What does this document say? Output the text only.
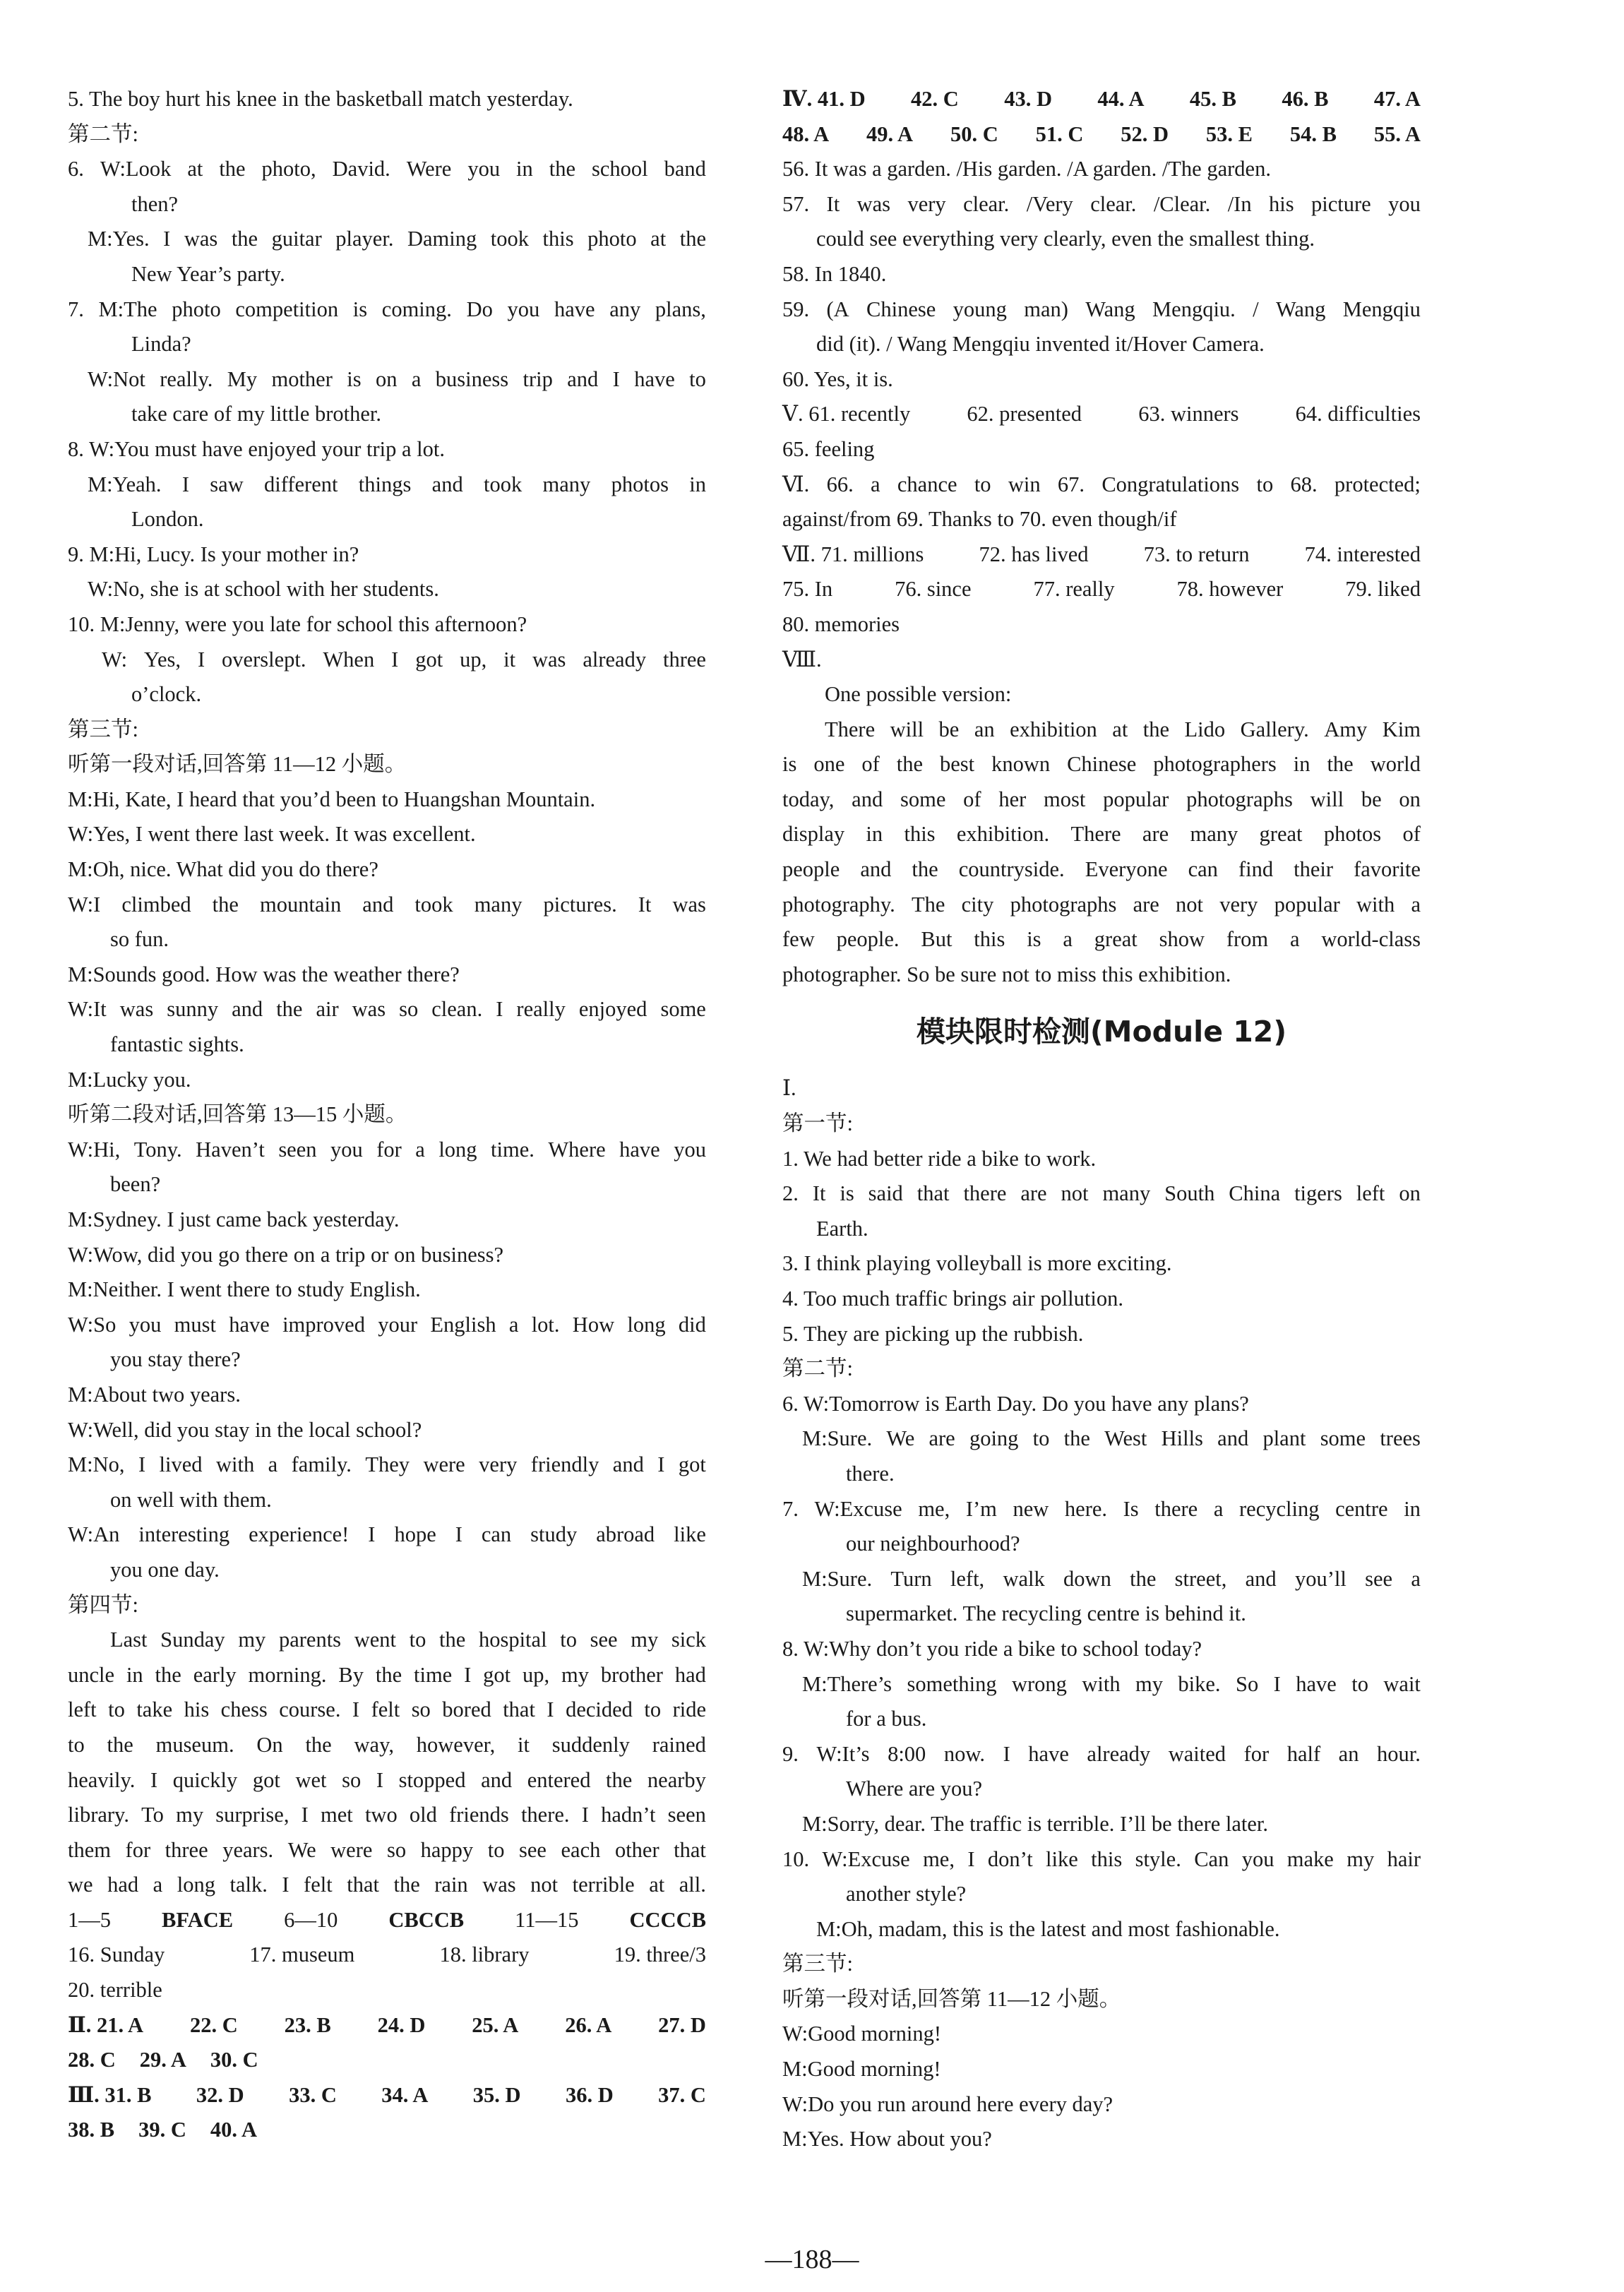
5. The boy hurt his knee in the basketball match yesterday.
第二节:
6. W:Look at the photo, David. Were you in the school band
then?
M:Yes. I was the guitar player. Daming took this photo at the
New Year’s party.
7. M:The photo competition is coming. Do you have any plans,
Linda?
W:Not really. My mother is on a business trip and I have to
take care of my little brother.
8. W:You must have enjoyed your trip a lot.
M:Yeah. I saw different things and took many photos in
London.
9. M:Hi, Lucy. Is your mother in?
W:No, she is at school with her students.
10. M:Jenny, were you late for school this afternoon?
W: Yes, I overslept. When I got up, it was already three
o’clock.
第三节:
听第一段对话,回答第 11—12 小题。
M:Hi, Kate, I heard that you’d been to Huangshan Mountain.
W:Yes, I went there last week. It was excellent.
M:Oh, nice. What did you do there?
W:I climbed the mountain and took many pictures. It was
so fun.
M:Sounds good. How was the weather there?
W:It was sunny and the air was so clean. I really enjoyed some
fantastic sights.
M:Lucky you.
听第二段对话,回答第 13—15 小题。
W:Hi, Tony. Haven’t seen you for a long time. Where have you
been?
M:Sydney. I just came back yesterday.
W:Wow, did you go there on a trip or on business?
M:Neither. I went there to study English.
W:So you must have improved your English a lot. How long did
you stay there?
M:About two years.
W:Well, did you stay in the local school?
M:No, I lived with a family. They were very friendly and I got
on well with them.
W:An interesting experience! I hope I can study abroad like
you one day.
第四节:
Last Sunday my parents went to the hospital to see my sick
uncle in the early morning. By the time I got up, my brother had
left to take his chess course. I felt so bored that I decided to ride
to the museum. On the way, however, it suddenly rained
heavily. I quickly got wet so I stopped and entered the nearby
library. To my surprise, I met two old friends there. I hadn’t seen
them for three years. We were so happy to see each other that
we had a long talk. I felt that the rain was not terrible at all.
1—5 BFACE 6—10 CBCCB 11—15 CCCCB
16. Sunday	17. museum	18. library	19. three/3
20. terrible
Ⅱ. 21. A 22. C 23. B 24. D 25. A 26. A 27. D
28. C 29. A 30. C
Ⅲ. 31. B 32. D 33. C 34. A 35. D 36. D 37. C
38. B 39. C 40. A
Ⅳ. 41. D 42. C 43. D 44. A 45. B 46. B 47. A
48. A 49. A 50. C 51. C 52. D 53. E 54. B 55. A
56. It was a garden. /His garden. /A garden. /The garden.
57. It was very clear. /Very clear. /Clear. /In his picture you
could see everything very clearly, even the smallest thing.
58. In 1840.
59. (A Chinese young man) Wang Mengqiu. / Wang Mengqiu
did (it). / Wang Mengqiu invented it/Hover Camera.
60. Yes, it is.
Ⅴ. 61. recently	62. presented	63. winners	64. difficulties
65. feeling
Ⅵ. 66. a chance to win 67. Congratulations to 68. protected;
against/from 69. Thanks to 70. even though/if
Ⅶ. 71. millions	72. has lived	73. to return	74. interested
75. In	76. since	77. really	78. however	79. liked
80. memories
Ⅷ.
One possible version:
There will be an exhibition at the Lido Gallery. Amy Kim
is one of the best known Chinese photographers in the world
today, and some of her most popular photographs will be on
display in this exhibition. There are many great photos of
people and the countryside. Everyone can find their favorite
photography. The city photographs are not very popular with a
few people. But this is a great show from a world-class
photographer. So be sure not to miss this exhibition.
模块限时检测(Module 12)
Ⅰ.
第一节:
1. We had better ride a bike to work.
2. It is said that there are not many South China tigers left on
Earth.
3. I think playing volleyball is more exciting.
4. Too much traffic brings air pollution.
5. They are picking up the rubbish.
第二节:
6. W:Tomorrow is Earth Day. Do you have any plans?
M:Sure. We are going to the West Hills and plant some trees
there.
7. W:Excuse me, I’m new here. Is there a recycling centre in
our neighbourhood?
M:Sure. Turn left, walk down the street, and you’ll see a
supermarket. The recycling centre is behind it.
8. W:Why don’t you ride a bike to school today?
M:There’s something wrong with my bike. So I have to wait
for a bus.
9. W:It’s 8:00 now. I have already waited for half an hour.
Where are you?
M:Sorry, dear. The traffic is terrible. I’ll be there later.
10. W:Excuse me, I don’t like this style. Can you make my hair
another style?
M:Oh, madam, this is the latest and most fashionable.
第三节:
听第一段对话,回答第 11—12 小题。
W:Good morning!
M:Good morning!
W:Do you run around here every day?
M:Yes. How about you?
—188—
